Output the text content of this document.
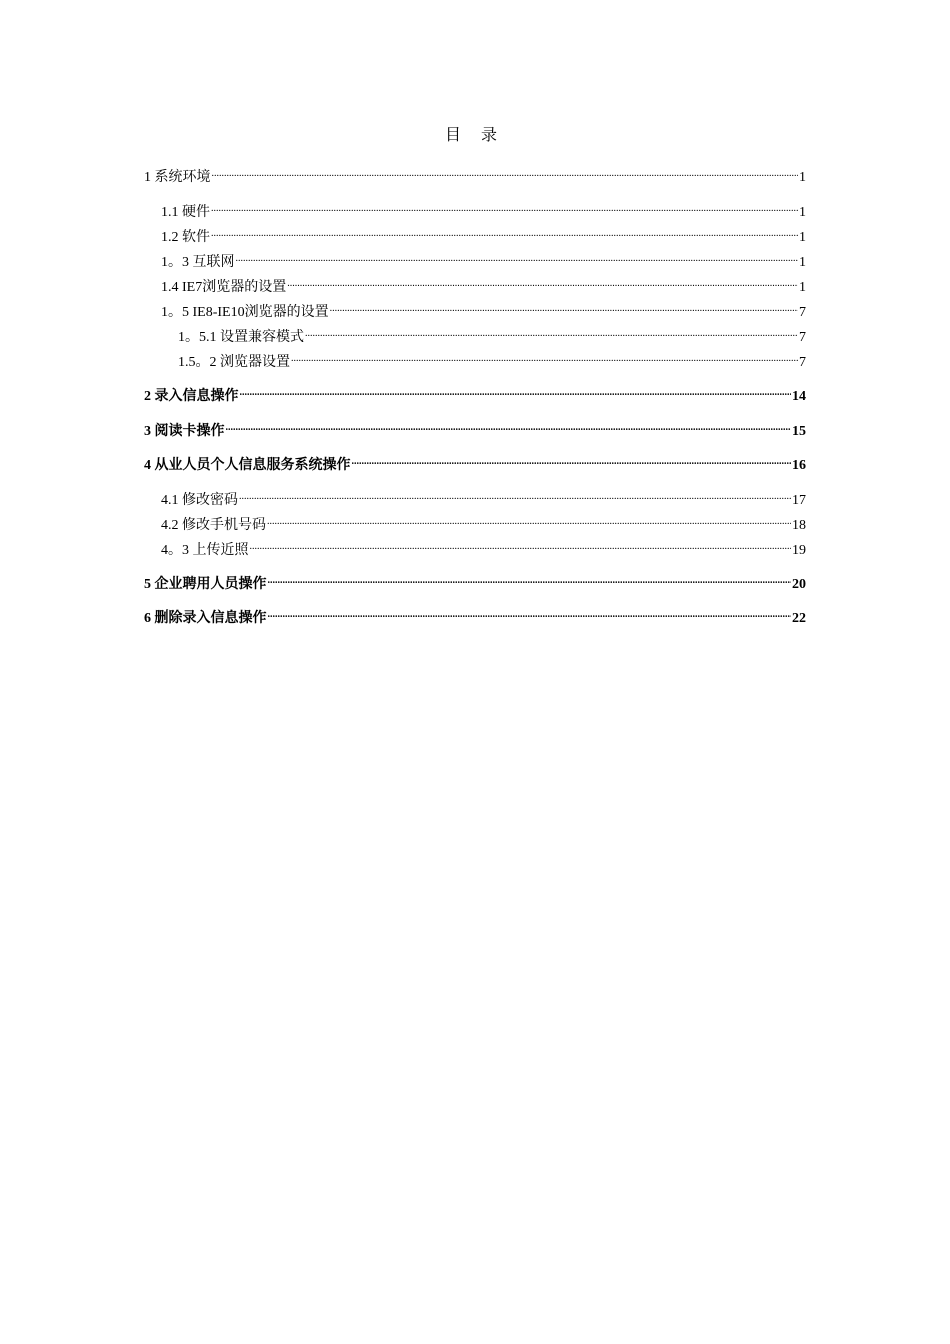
目 录
1 系统环境 .....	1
1.1 硬件 .....	1
1.2 软件 .....	1
1。3 互联网 .....	1
1.4 IE7浏览器的设置 .....	1
1。5 IE8-IE10浏览器的设置 .....	7
1。5.1 设置兼容模式 .....	7
1.5。2 浏览器设置 .....	7
2 录入信息操作 .....	14
3 阅读卡操作 .....	15
4 从业人员个人信息服务系统操作 .....	16
4.1 修改密码 .....	17
4.2 修改手机号码 .....	18
4。3 上传近照 .....	19
5 企业聘用人员操作 .....	20
6 删除录入信息操作 .....	22
